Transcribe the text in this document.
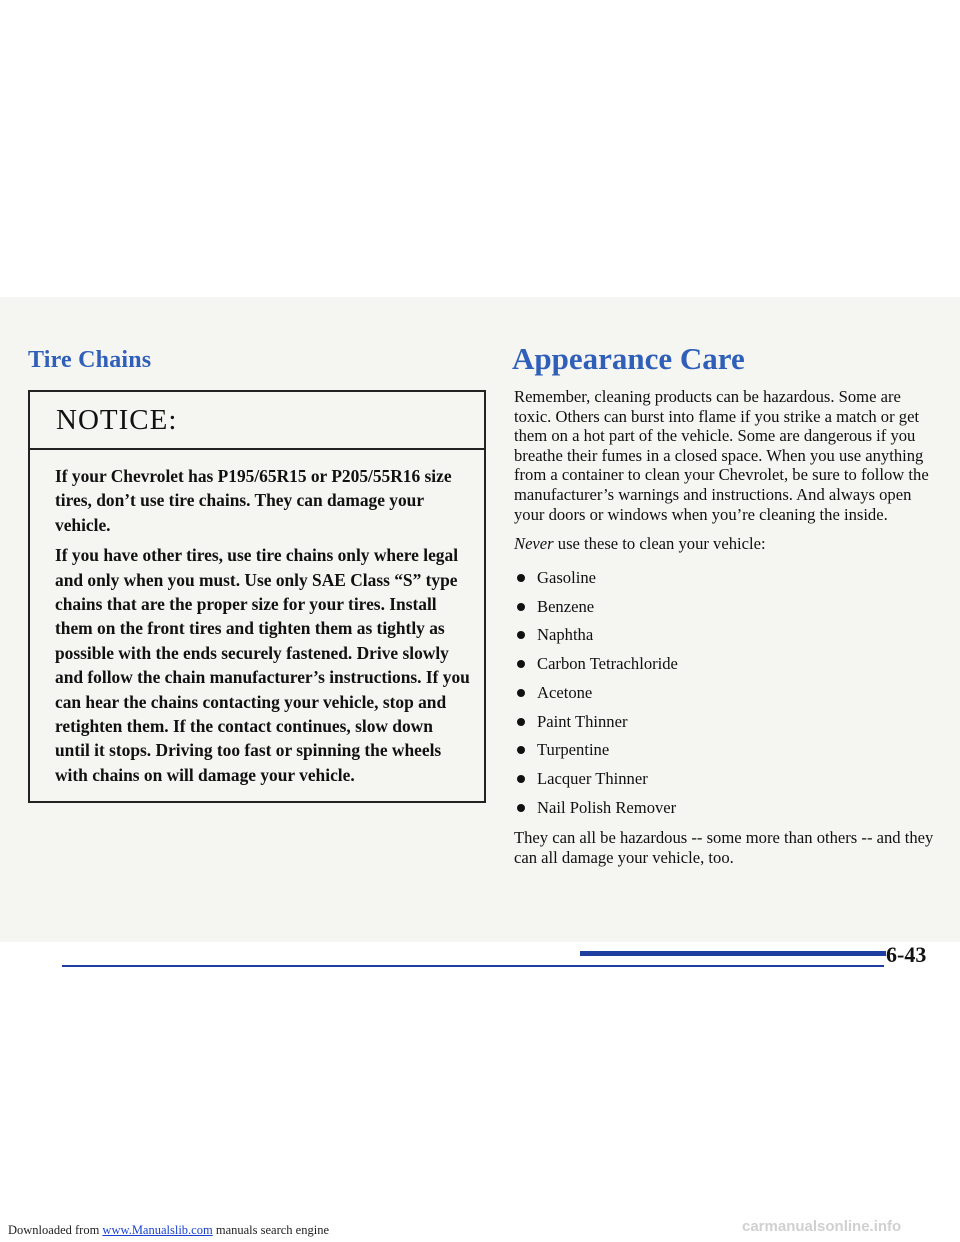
Tire Chains
NOTICE:

If your Chevrolet has P195/65R15 or P205/55R16 size tires, don’t use tire chains. They can damage your vehicle.

If you have other tires, use tire chains only where legal and only when you must. Use only SAE Class “S” type chains that are the proper size for your tires. Install them on the front tires and tighten them as tightly as possible with the ends securely fastened. Drive slowly and follow the chain manufacturer’s instructions. If you can hear the chains contacting your vehicle, stop and retighten them. If the contact continues, slow down until it stops. Driving too fast or spinning the wheels with chains on will damage your vehicle.

Appearance Care

Remember, cleaning products can be hazardous. Some are toxic. Others can burst into flame if you strike a match or get them on a hot part of the vehicle. Some are dangerous if you breathe their fumes in a closed space. When you use anything from a container to clean your Chevrolet, be sure to follow the manufacturer’s warnings and instructions. And always open your doors or windows when you’re cleaning the inside.

Never use these to clean your vehicle:

Gasoline
Benzene
Naphtha
Carbon Tetrachloride
Acetone
Paint Thinner
Turpentine
Lacquer Thinner
Nail Polish Remover

They can all be hazardous -- some more than others -- and they can all damage your vehicle, too.

6-43
Downloaded from www.Manualslib.com manuals search engine	carmanualsonline.info
